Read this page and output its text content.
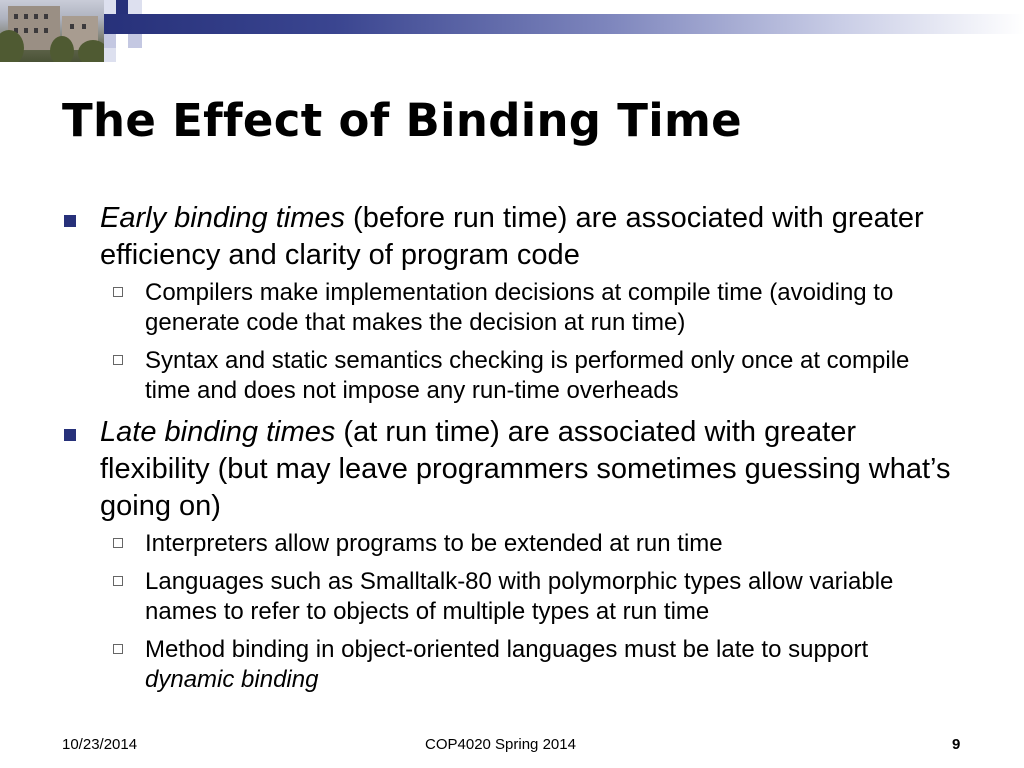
The Effect of Binding Time
Early binding times (before run time) are associated with greater efficiency and clarity of program code
Compilers make implementation decisions at compile time (avoiding to generate code that makes the decision at run time)
Syntax and static semantics checking is performed only once at compile time and does not impose any run-time overheads
Late binding times (at run time) are associated with greater flexibility (but may leave programmers sometimes guessing what’s going on)
Interpreters allow programs to be extended at run time
Languages such as Smalltalk-80 with polymorphic types allow variable names to refer to objects of multiple types at run time
Method binding in object-oriented languages must be late to support dynamic binding
10/23/2014	COP4020 Spring 2014	9
